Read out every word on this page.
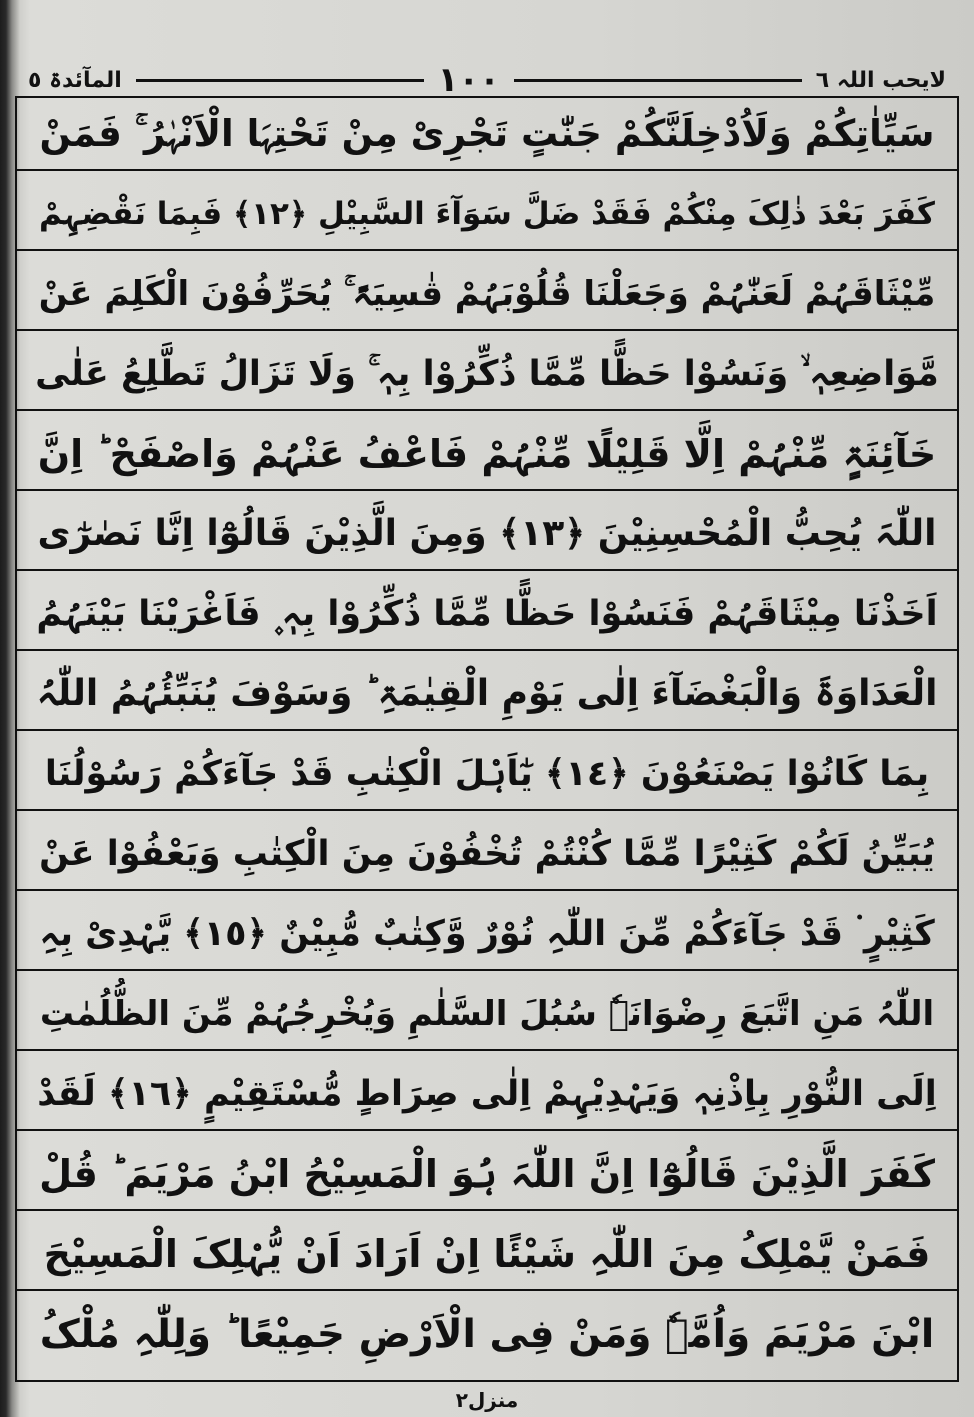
لایحب اللہ ٦
١٠٠
المآئدۃ ٥
سَیِّاٰتِکُمْ وَلَاُدْخِلَنَّکُمْ جَنّٰتٍ تَجْرِیْ مِنْ تَحْتِہَا الْاَنْہٰرُ ۚ فَمَنْ
کَفَرَ بَعْدَ ذٰلِکَ مِنْکُمْ فَقَدْ ضَلَّ سَوَآءَ السَّبِیْلِ ﴿١٢﴾ فَبِمَا نَقْضِہِمْ
مِّیْثَاقَہُمْ لَعَنّٰہُمْ وَجَعَلْنَا قُلُوْبَہُمْ قٰسِیَۃً ۚ یُحَرِّفُوْنَ الْکَلِمَ عَنْ
مَّوَاضِعِہٖ ۙ وَنَسُوْا حَظًّا مِّمَّا ذُکِّرُوْا بِہٖ ۚ وَلَا تَزَالُ تَطَّلِعُ عَلٰی
خَآئِنَۃٍ مِّنْہُمْ اِلَّا قَلِیْلًا مِّنْہُمْ فَاعْفُ عَنْہُمْ وَاصْفَحْ ؕ اِنَّ
اللّٰہَ یُحِبُّ الْمُحْسِنِیْنَ ﴿١٣﴾ وَمِنَ الَّذِیْنَ قَالُوْٓا اِنَّا نَصٰرٰٓی
اَخَذْنَا مِیْثَاقَہُمْ فَنَسُوْا حَظًّا مِّمَّا ذُکِّرُوْا بِہٖ ۪ فَاَغْرَیْنَا بَیْنَہُمُ
الْعَدَاوَۃَ وَالْبَغْضَآءَ اِلٰی یَوْمِ الْقِیٰمَۃِ ؕ وَسَوْفَ یُنَبِّئُہُمُ اللّٰہُ
بِمَا کَانُوْا یَصْنَعُوْنَ ﴿١٤﴾ یٰٓاَہْلَ الْکِتٰبِ قَدْ جَآءَکُمْ رَسُوْلُنَا
یُبَیِّنُ لَکُمْ کَثِیْرًا مِّمَّا کُنْتُمْ تُخْفُوْنَ مِنَ الْکِتٰبِ وَیَعْفُوْا عَنْ
کَثِیْرٍ ۬ قَدْ جَآءَکُمْ مِّنَ اللّٰہِ نُوْرٌ وَّکِتٰبٌ مُّبِیْنٌ ﴿١٥﴾ یَّہْدِیْ بِہِ
اللّٰہُ مَنِ اتَّبَعَ رِضْوَانَہٗ سُبُلَ السَّلٰمِ وَیُخْرِجُہُمْ مِّنَ الظُّلُمٰتِ
اِلَی النُّوْرِ بِاِذْنِہٖ وَیَہْدِیْہِمْ اِلٰی صِرَاطٍ مُّسْتَقِیْمٍ ﴿١٦﴾ لَقَدْ
کَفَرَ الَّذِیْنَ قَالُوْٓا اِنَّ اللّٰہَ ہُوَ الْمَسِیْحُ ابْنُ مَرْیَمَ ؕ قُلْ
فَمَنْ یَّمْلِکُ مِنَ اللّٰہِ شَیْئًا اِنْ اَرَادَ اَنْ یُّہْلِکَ الْمَسِیْحَ
ابْنَ مَرْیَمَ وَاُمَّہٗ وَمَنْ فِی الْاَرْضِ جَمِیْعًا ؕ وَلِلّٰہِ مُلْکُ
منزل٢
